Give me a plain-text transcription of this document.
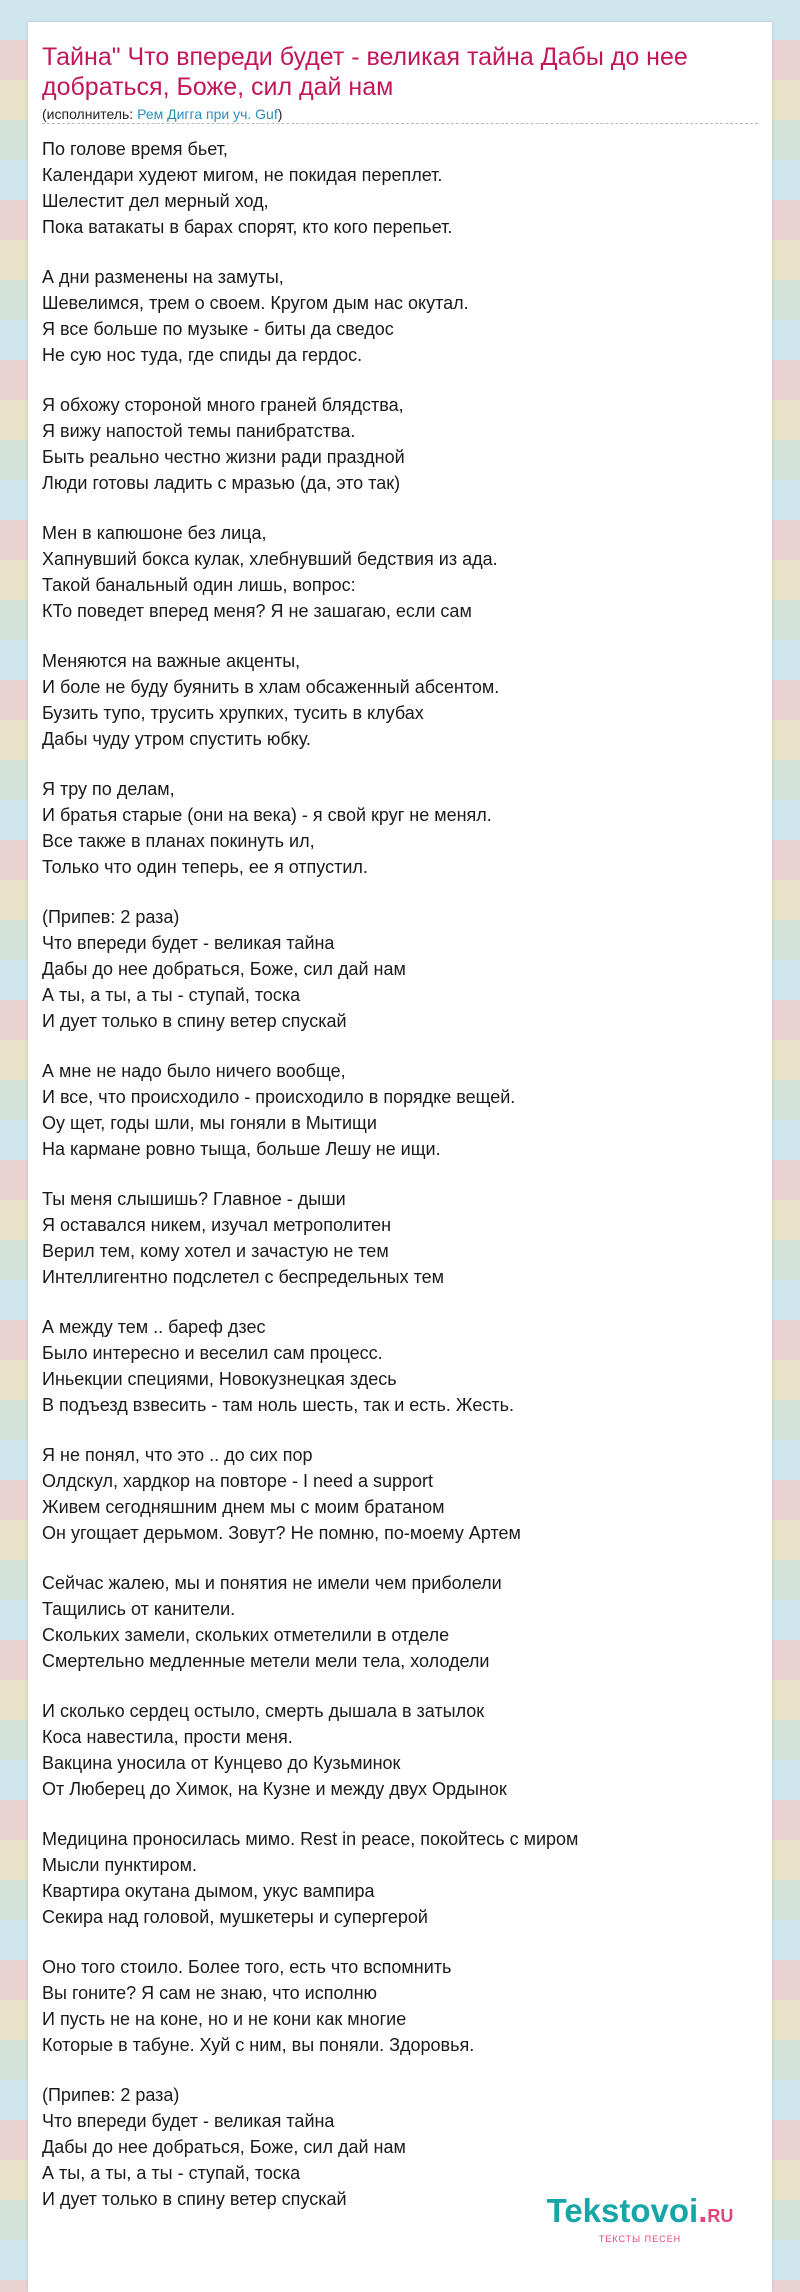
Тайна" Что впереди будет - великая тайна Дабы до нее добраться, Боже, сил дай нам
(исполнитель: Рем Дигга при уч. Guf)
По голове время бьет,
Календари худеют мигом, не покидая переплет.
Шелестит дел мерный ход,
Пока ватакаты в барах спорят, кто кого перепьет.
А дни разменены на замуты,
Шевелимся, трем о своем. Кругом дым нас окутал.
Я все больше по музыке - биты да сведос
Не сую нос туда, где спиды да гердос.
Я обхожу стороной много граней блядства,
Я вижу напостой темы панибратства.
Быть реально честно жизни ради праздной
Люди готовы ладить с мразью (да, это так)
Мен в капюшоне без лица,
Хапнувший бокса кулак, хлебнувший бедствия из ада.
Такой банальный один лишь, вопрос:
КТо поведет вперед меня? Я не зашагаю, если сам
Меняются на важные акценты,
И боле не буду буянить в хлам обсаженный абсентом.
Бузить тупо, трусить хрупких, тусить в клубах
Дабы чуду утром спустить юбку.
Я тру по делам,
И братья старые (они на века) - я свой круг не менял.
Все также в планах покинуть ил,
Только что один теперь, ее я отпустил.
(Припев: 2 раза)
Что впереди будет - великая тайна
Дабы до нее добраться, Боже, сил дай нам
А ты, а ты, а ты - ступай, тоска
И дует только в спину ветер спускай
А мне не надо было ничего вообще,
И все, что происходило - происходило в порядке вещей.
Оу щет, годы шли, мы гоняли в Мытищи
На кармане ровно тыща, больше Лешу не ищи.
Ты меня слышишь? Главное - дыши
Я оставался никем, изучал метрополитен
Верил тем, кому хотел и зачастую не тем
Интеллигентно подслетел с беспредельных тем
А между тем .. бареф дзес
Было интересно и веселил сам процесс.
Иньекции специями, Новокузнецкая здесь
В подъезд взвесить - там ноль шесть, так и есть. Жесть.
Я не понял, что это .. до сих пор
Олдскул, хардкор на повторе - I need a support
Живем сегодняшним днем мы с моим братаном
Он угощает дерьмом. Зовут? Не помню, по-моему Артем
Сейчас жалею, мы и понятия не имели чем приболели
Тащились от канители.
Скольких замели, скольких отметелили в отделе
Смертельно медленные метели мели тела, холодели
И сколько сердец остыло, смерть дышала в затылок
Коса навестила, прости меня.
Вакцина уносила от Кунцево до Кузьминок
От Люберец до Химок, на Кузне и между двух Ордынок
Медицина проносилась мимо. Rest in peace, покойтесь с миром
Мысли пунктиром.
Квартира окутана дымом, укус вампира
Секира над головой, мушкетеры и супергерой
Оно того стоило. Более того, есть что вспомнить
Вы гоните? Я сам не знаю, что исполню
И пусть не на коне, но и не кони как многие
Которые в табуне. Хуй с ним, вы поняли. Здоровья.
(Припев: 2 раза)
Что впереди будет - великая тайна
Дабы до нее добраться, Боже, сил дай нам
А ты, а ты, а ты - ступай, тоска
И дует только в спину ветер спускай	Tekstovoi.RU
ТЕКСТЫ ПЕСЕН
